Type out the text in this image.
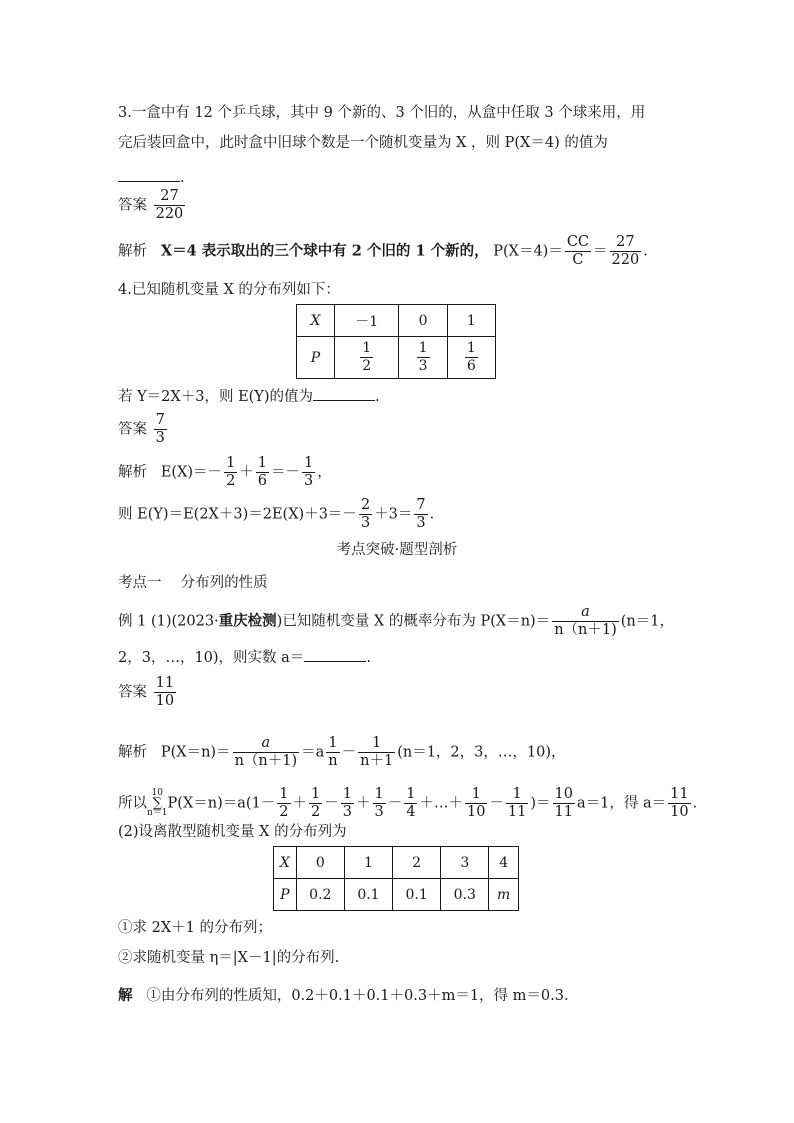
3.一盒中有 12 个乒乓球，其中 9 个新的、3 个旧的，从盒中任取 3 个球来用，用
完后装回盒中，此时盒中旧球个数是一个随机变量为 X ，则 P(X＝4) 的值为
.
答案 $\frac{27}{220}$
解析 X＝4 表示取出的三个球中有 2 个旧的 1 个新的， $P(X=4)= \frac{CC}{C} = \frac{27}{220}$ .
4.已知随机变量 X 的分布列如下：
X	－1	0	1
P	$\frac{1}{2}$	$\frac{1}{3}$	$\frac{1}{6}$
若 Y＝2X＋3，则 E(Y)的值为	.
答案 $\frac{7}{3}$
解析 $E(X)=- \frac{1}{2} + \frac{1}{6} =- \frac{1}{3}$ ，
则 $E(Y)=E(2X+3)=2E(X)+3=- \frac{2}{3} +3= \frac{7}{3}$ .
考点突破·题型剖析
考点一　 分布列的性质
例 1 (1)(2023·重庆检测)已知随机变量 X 的概率分布为 $P(X=n)= \frac{a}{n(n+1)} (n=1$，
2，3，…，10)，则实数 a＝	.
答案 $\frac{11}{10}$
解析 $P(X=n)= \frac{a}{n(n+1)} =a \frac{1}{n} - \frac{1}{n+1} (n=1$，2，3，…，10)，
所以
10
∑
n＝1
$P(X=n)=a(1- \frac{1}{2} + \frac{1}{2} - \frac{1}{3} + \frac{1}{3} - \frac{1}{4}$ ＋…＋ $\frac{1}{10} - \frac{1}{11}$ )＝ $\frac{10}{11} a=1$，得 $a= \frac{11}{10}$ .
(2)设离散型随机变量 X 的分布列为
X	0	1	2	3	4
P	0.2	0.1	0.1	0.3	m
①求 2X＋1 的分布列；
②求随机变量 η＝|X－1|的分布列.
解 ①由分布列的性质知，0.2＋0.1＋0.1＋0.3＋m＝1，得 m＝0.3.
